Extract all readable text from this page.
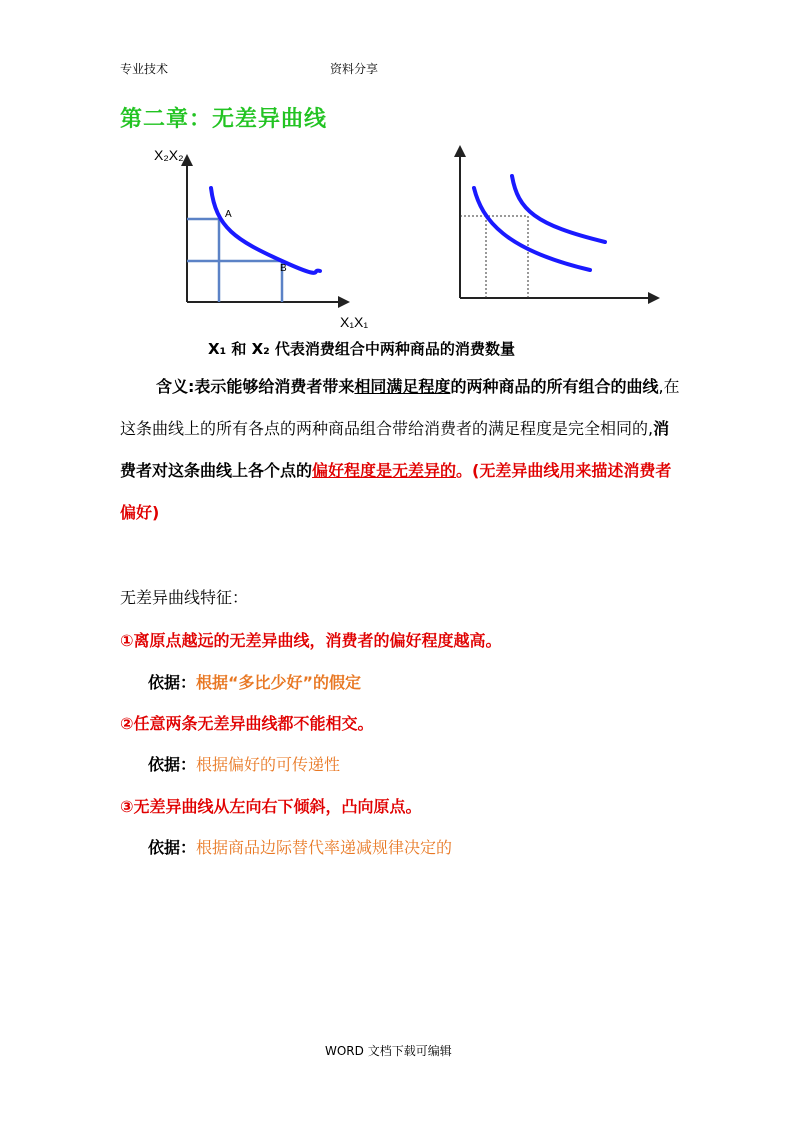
专业技术	资料分享
第二章：无差异曲线
X₂X₂
A
B
X₁X₁
X₁ 和 X₂ 代表消费组合中两种商品的消费数量
含义:表示能够给消费者带来相同满足程度的两种商品的所有组合的曲线,在这条曲线上的所有各点的两种商品组合带给消费者的满足程度是完全相同的,消费者对这条曲线上各个点的偏好程度是无差异的。(无差异曲线用来描述消费者偏好)
无差异曲线特征：
①离原点越远的无差异曲线，消费者的偏好程度越高。
依据：根据“多比少好”的假定
②任意两条无差异曲线都不能相交。
依据：根据偏好的可传递性
③无差异曲线从左向右下倾斜，凸向原点。
依据：根据商品边际替代率递减规律决定的
WORD 文档下载可编辑
